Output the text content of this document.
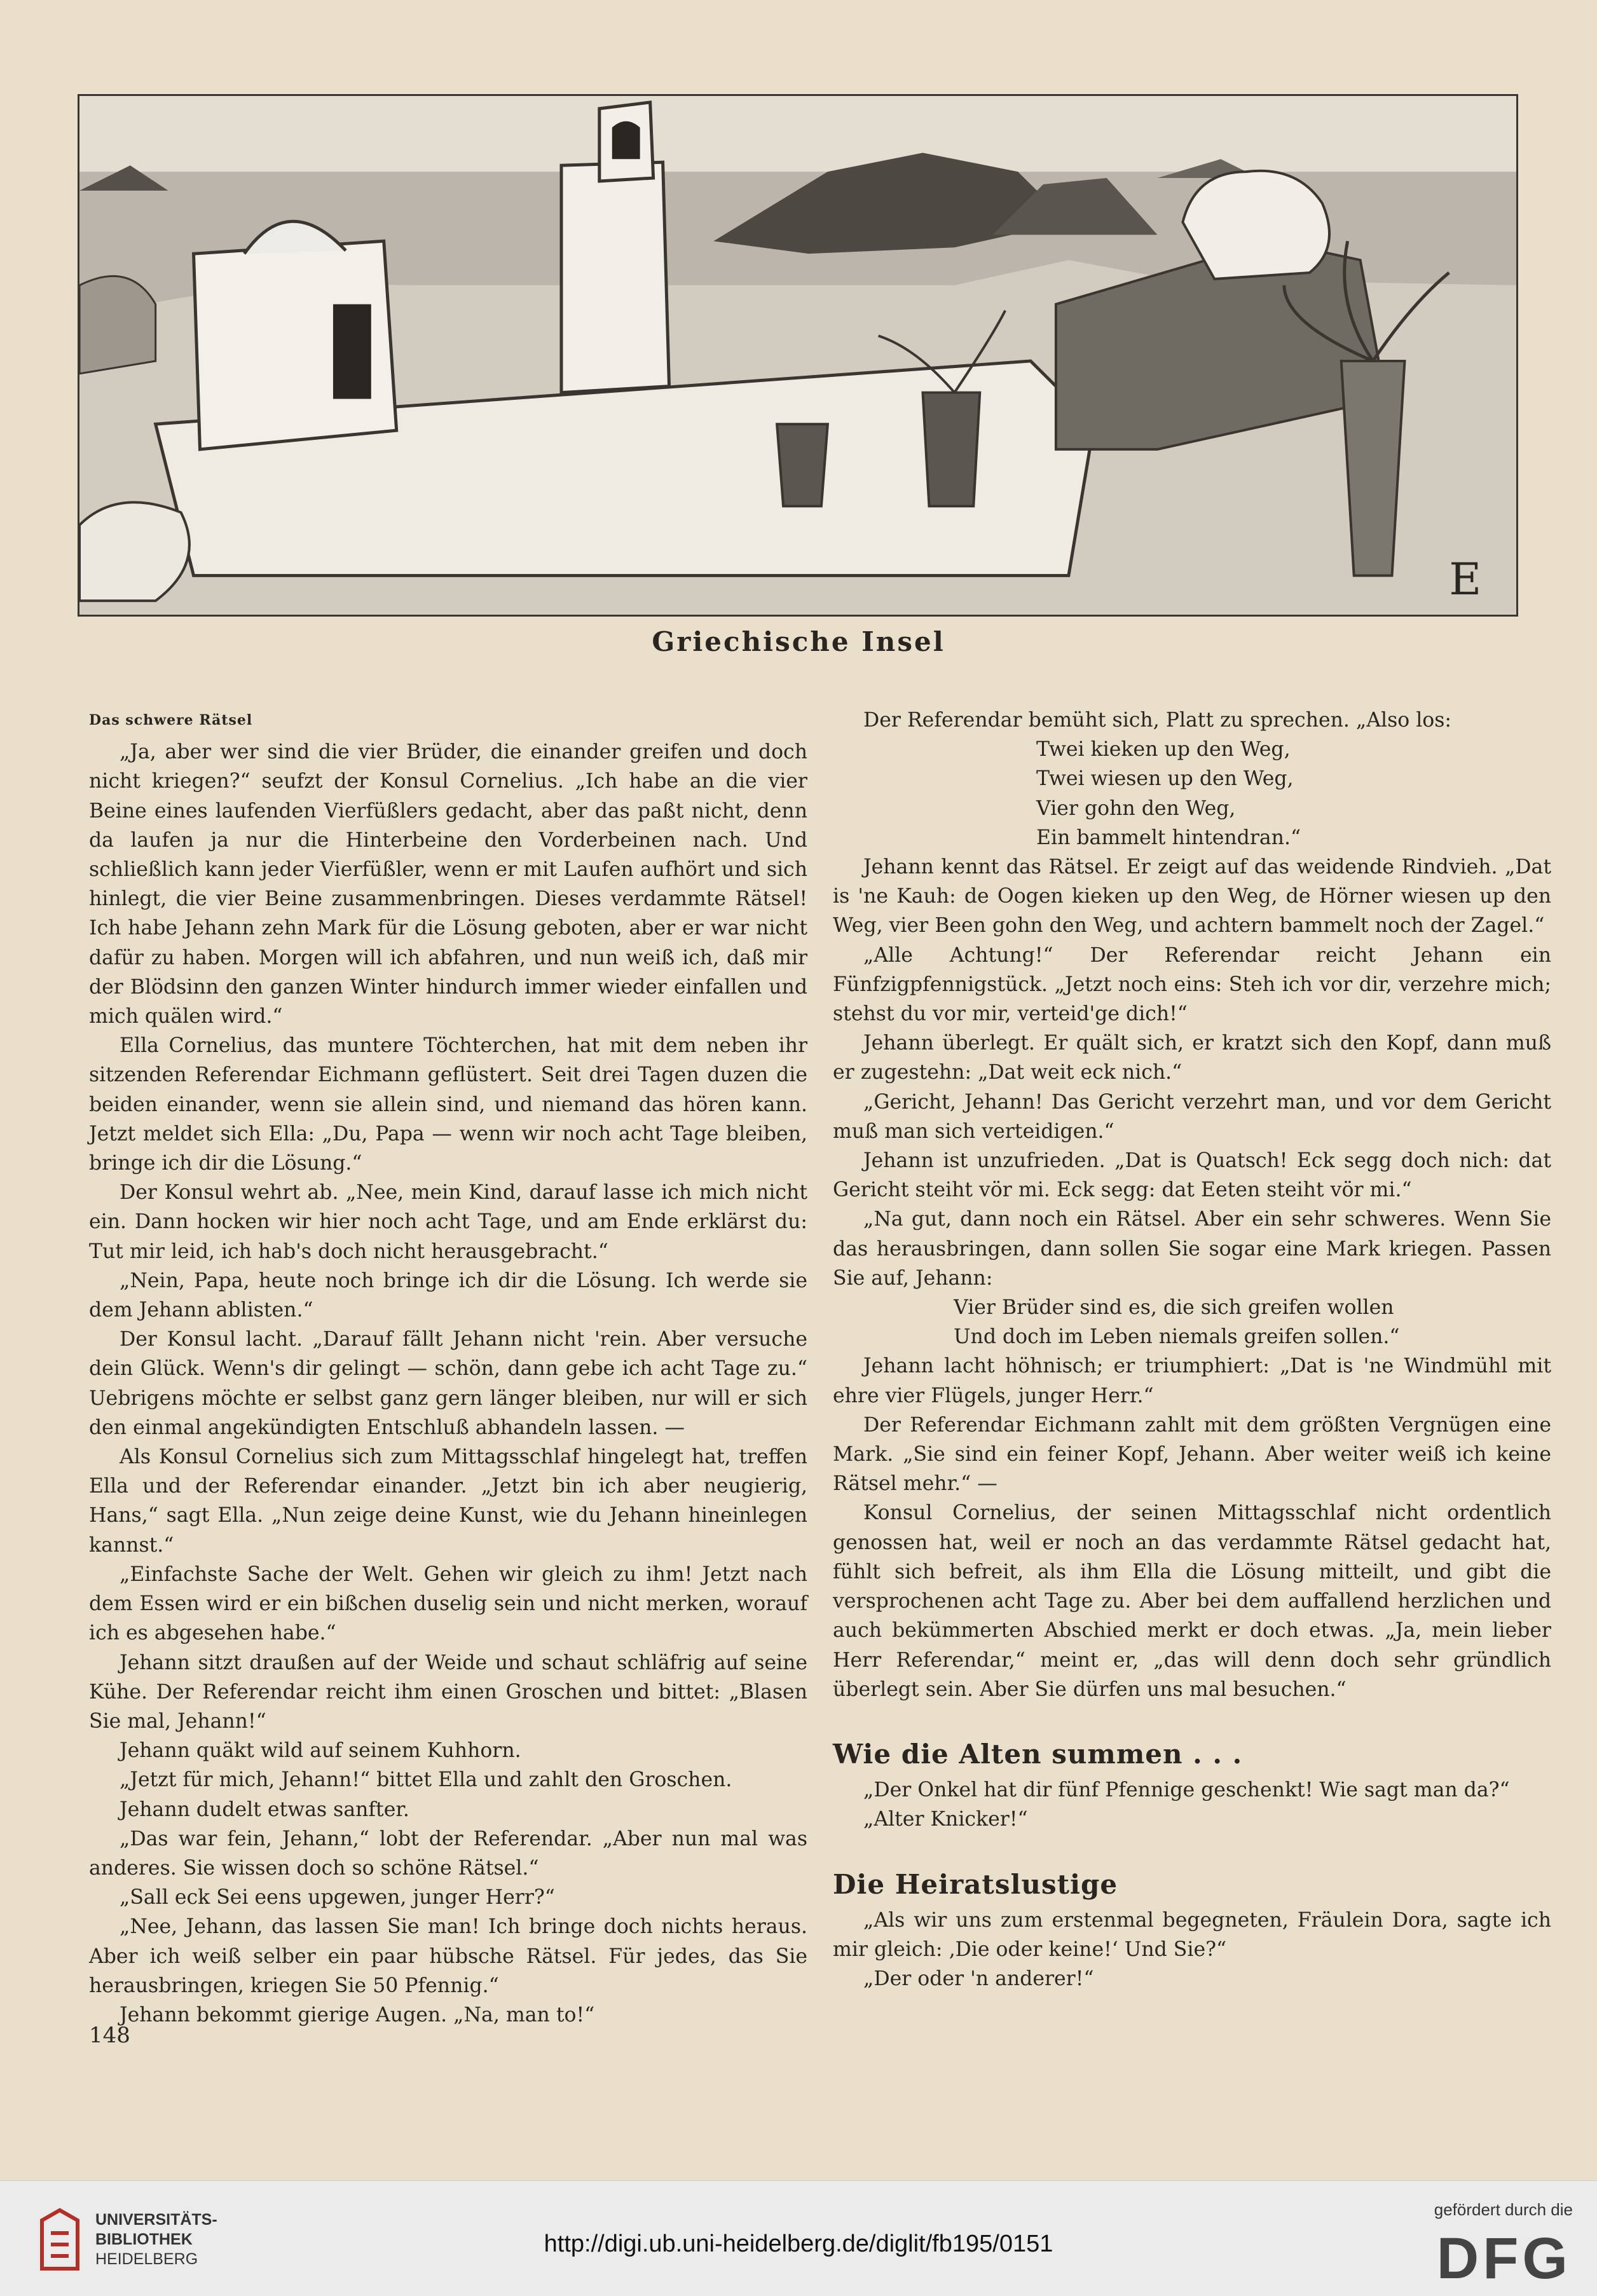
E
Griechische Insel
Das schwere Rätsel

„Ja, aber wer sind die vier Brüder, die einander greifen und doch nicht kriegen?“ seufzt der Konsul Cornelius. „Ich habe an die vier Beine eines laufenden Vierfüßlers gedacht, aber das paßt nicht, denn da laufen ja nur die Hinterbeine den Vorderbeinen nach. Und schließlich kann jeder Vierfüßler, wenn er mit Laufen aufhört und sich hinlegt, die vier Beine zusammenbringen. Dieses verdammte Rätsel! Ich habe Jehann zehn Mark für die Lösung geboten, aber er war nicht dafür zu haben. Morgen will ich abfahren, und nun weiß ich, daß mir der Blödsinn den ganzen Winter hindurch immer wieder einfallen und mich quälen wird.“

Ella Cornelius, das muntere Töchterchen, hat mit dem neben ihr sitzenden Referendar Eichmann geflüstert. Seit drei Tagen duzen die beiden einander, wenn sie allein sind, und niemand das hören kann. Jetzt meldet sich Ella: „Du, Papa — wenn wir noch acht Tage bleiben, bringe ich dir die Lösung.“

Der Konsul wehrt ab. „Nee, mein Kind, darauf lasse ich mich nicht ein. Dann hocken wir hier noch acht Tage, und am Ende erklärst du: Tut mir leid, ich hab's doch nicht herausgebracht.“

„Nein, Papa, heute noch bringe ich dir die Lösung. Ich werde sie dem Jehann ablisten.“

Der Konsul lacht. „Darauf fällt Jehann nicht 'rein. Aber versuche dein Glück. Wenn's dir gelingt — schön, dann gebe ich acht Tage zu.“ Uebrigens möchte er selbst ganz gern länger bleiben, nur will er sich den einmal angekündigten Entschluß abhandeln lassen. —

Als Konsul Cornelius sich zum Mittagsschlaf hingelegt hat, treffen Ella und der Referendar einander. „Jetzt bin ich aber neugierig, Hans,“ sagt Ella. „Nun zeige deine Kunst, wie du Jehann hineinlegen kannst.“

„Einfachste Sache der Welt. Gehen wir gleich zu ihm! Jetzt nach dem Essen wird er ein bißchen duselig sein und nicht merken, worauf ich es abgesehen habe.“

Jehann sitzt draußen auf der Weide und schaut schläfrig auf seine Kühe. Der Referendar reicht ihm einen Groschen und bittet: „Blasen Sie mal, Jehann!“

Jehann quäkt wild auf seinem Kuhhorn.

„Jetzt für mich, Jehann!“ bittet Ella und zahlt den Groschen.

Jehann dudelt etwas sanfter.

„Das war fein, Jehann,“ lobt der Referendar. „Aber nun mal was anderes. Sie wissen doch so schöne Rätsel.“

„Sall eck Sei eens upgewen, junger Herr?“

„Nee, Jehann, das lassen Sie man! Ich bringe doch nichts heraus. Aber ich weiß selber ein paar hübsche Rätsel. Für jedes, das Sie herausbringen, kriegen Sie 50 Pfennig.“

Jehann bekommt gierige Augen. „Na, man to!“

Der Referendar bemüht sich, Platt zu sprechen. „Also los:

Twei kieken up den Weg,

Twei wiesen up den Weg,

Vier gohn den Weg,

Ein bammelt hintendran.“

Jehann kennt das Rätsel. Er zeigt auf das weidende Rindvieh. „Dat is 'ne Kauh: de Oogen kieken up den Weg, de Hörner wiesen up den Weg, vier Been gohn den Weg, und achtern bammelt noch der Zagel.“

„Alle Achtung!“ Der Referendar reicht Jehann ein Fünfzigpfennigstück. „Jetzt noch eins: Steh ich vor dir, verzehre mich; stehst du vor mir, verteid'ge dich!“

Jehann überlegt. Er quält sich, er kratzt sich den Kopf, dann muß er zugestehn: „Dat weit eck nich.“

„Gericht, Jehann! Das Gericht verzehrt man, und vor dem Gericht muß man sich verteidigen.“

Jehann ist unzufrieden. „Dat is Quatsch! Eck segg doch nich: dat Gericht steiht vör mi. Eck segg: dat Eeten steiht vör mi.“

„Na gut, dann noch ein Rätsel. Aber ein sehr schweres. Wenn Sie das herausbringen, dann sollen Sie sogar eine Mark kriegen. Passen Sie auf, Jehann:

Vier Brüder sind es, die sich greifen wollen

Und doch im Leben niemals greifen sollen.“

Jehann lacht höhnisch; er triumphiert: „Dat is 'ne Windmühl mit ehre vier Flügels, junger Herr.“

Der Referendar Eichmann zahlt mit dem größten Vergnügen eine Mark. „Sie sind ein feiner Kopf, Jehann. Aber weiter weiß ich keine Rätsel mehr.“ —

Konsul Cornelius, der seinen Mittagsschlaf nicht ordentlich genossen hat, weil er noch an das verdammte Rätsel gedacht hat, fühlt sich befreit, als ihm Ella die Lösung mitteilt, und gibt die versprochenen acht Tage zu. Aber bei dem auffallend herzlichen und auch bekümmerten Abschied merkt er doch etwas. „Ja, mein lieber Herr Referendar,“ meint er, „das will denn doch sehr gründlich überlegt sein. Aber Sie dürfen uns mal besuchen.“

Wie die Alten summen . . .

„Der Onkel hat dir fünf Pfennige geschenkt! Wie sagt man da?“

„Alter Knicker!“

Die Heiratslustige

„Als wir uns zum erstenmal begegneten, Fräulein Dora, sagte ich mir gleich: ‚Die oder keine!‘ Und Sie?“

„Der oder 'n anderer!“

148
UNIVERSITÄTS-
BIBLIOTHEK
HEIDELBERG
http://digi.ub.uni-heidelberg.de/diglit/fb195/0151
gefördert durch die
DFG
